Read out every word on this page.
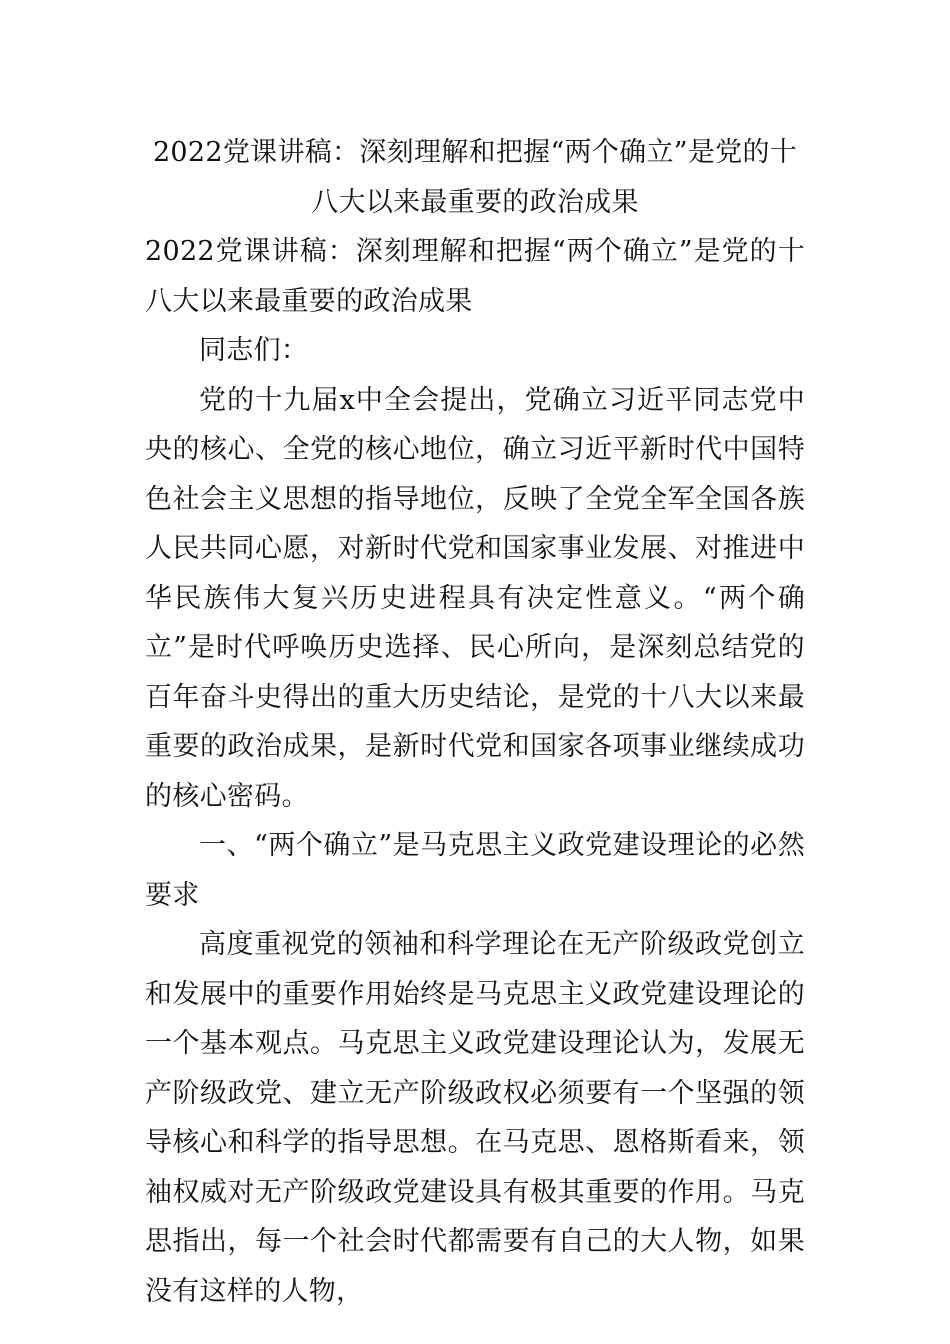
2022党课讲稿：深刻理解和把握“两个确立”是党的十八大以来最重要的政治成果
2022党课讲稿：深刻理解和把握“两个确立”是党的十八大以来最重要的政治成果

同志们：

党的十九届x中全会提出，党确立习近平同志党中央的核心、全党的核心地位，确立习近平新时代中国特色社会主义思想的指导地位，反映了全党全军全国各族人民共同心愿，对新时代党和国家事业发展、对推进中华民族伟大复兴历史进程具有决定性意义。“两个确立”是时代呼唤历史选择、民心所向，是深刻总结党的百年奋斗史得出的重大历史结论，是党的十八大以来最重要的政治成果，是新时代党和国家各项事业继续成功的核心密码。

一、“两个确立”是马克思主义政党建设理论的必然要求

高度重视党的领袖和科学理论在无产阶级政党创立和发展中的重要作用始终是马克思主义政党建设理论的一个基本观点。马克思主义政党建设理论认为，发展无产阶级政党、建立无产阶级政权必须要有一个坚强的领导核心和科学的指导思想。在马克思、恩格斯看来，领袖权威对无产阶级政党建设具有极其重要的作用。马克思指出，每一个社会时代都需要有自己的大人物，如果没有这样的人物，
